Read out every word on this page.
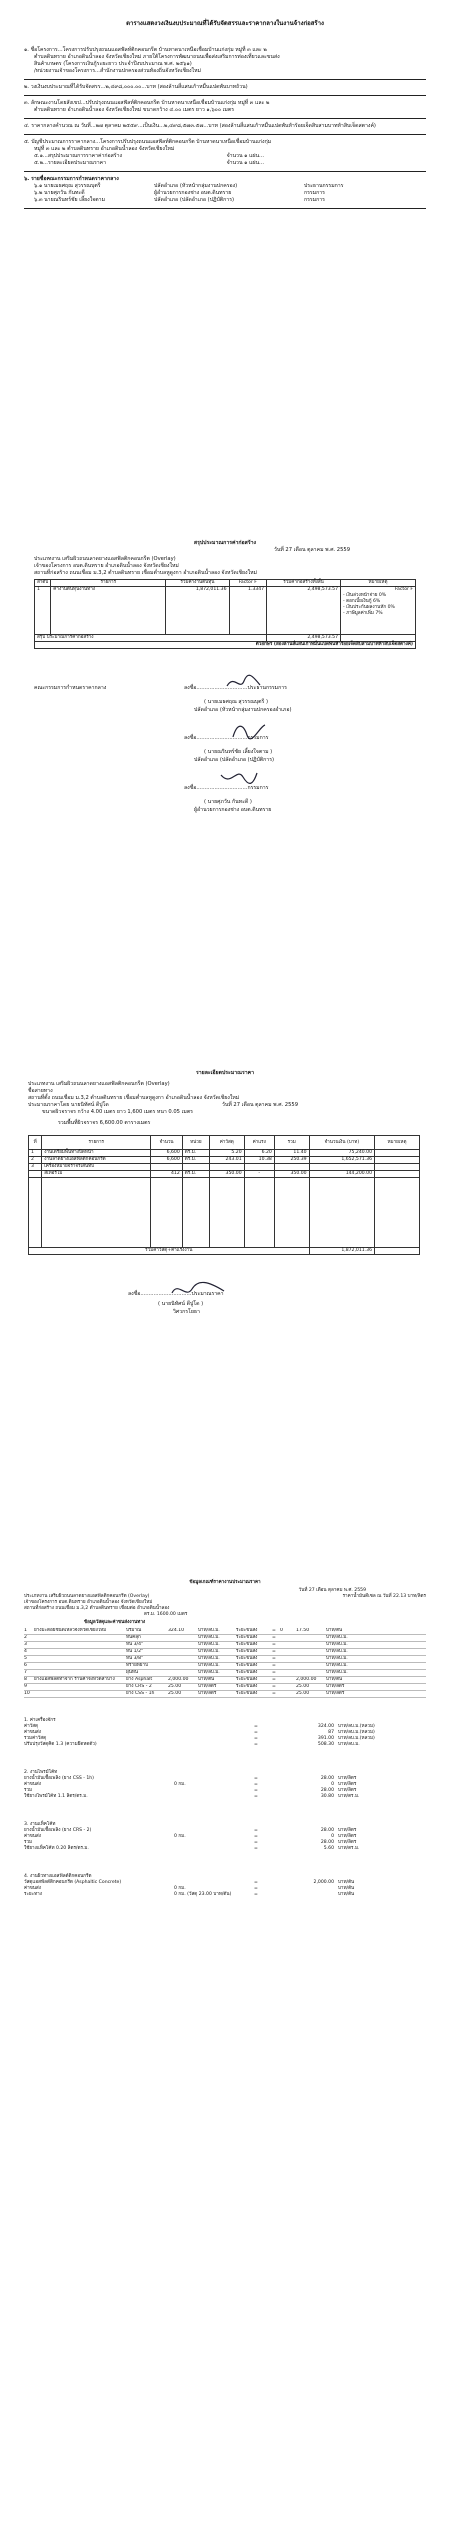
ตารางแสดงวงเงินงบประมาณที่ได้รับจัดสรรและราคากลางในงานจ้างก่อสร้าง
๑. ชื่อโครงการ...โครงการปรับปรุงถนนแอสฟัลท์ติกคอนกรีต บ้านหาดนาเหนือเชื่อมบ้านแก่งกุ่ม หมู่ที่ ๓ และ ๒
ตำบลดินทราย อำเภอดินน้ำลอง จังหวัดเชียงใหม่ ภายใต้โครงการพัฒนาถนนเพื่อส่งเสริมการท่องเที่ยวและขนส่ง
สินค้าเกษตร (โครงการเงินกู้ระยะยาว ประจำปีงบประมาณ พ.ศ. ๒๕๖๑)
/หน่วยงานเจ้าของโครงการ...สำนักงานปกครองส่วนท้องถิ่นจังหวัดเชียงใหม่
๒. วงเงินงบประมาณที่ได้รับจัดสรร...๒,๔๙๘,๐๐๐.๐๐...บาท (สองล้านสี่แสนเก้าหมื่นแปดพันบาทถ้วน)
๓. ลักษณะงานโดยสังเขป...ปรับปรุงถนนแอสฟัลท์ติกคอนกรีต บ้านหาดนาเหนือเชื่อมบ้านแก่งกุ่ม หมู่ที่ ๓ และ ๒
ตำบลดินทราย อำเภอดินน้ำลอง จังหวัดเชียงใหม่ ขนาดกว้าง ๔.๐๐ เมตร ยาว ๑,๖๐๐ เมตร
๔. ราคากลางคำนวณ ณ วันที่...๒๗ ตุลาคม ๒๕๕๙...เป็นเงิน...๒,๔๙๘,๕๗๓.๕๗...บาท (สองล้านสี่แสนเก้าหมื่นแปดพันห้าร้อยเจ็ดสิบสามบาทห้าสิบเจ็ดสตางค์)
๕. บัญชีประมาณการราคากลาง...โครงการปรับปรุงถนนแอสฟัลท์ติกคอนกรีต บ้านหาดนาเหนือเชื่อมบ้านแก่งกุ่ม
หมู่ที่ ๓ และ ๒ ตำบลดินทราย อำเภอดินน้ำลอง จังหวัดเชียงใหม่
๕.๑...สรุปประมาณการราคาค่าก่อสร้าง	จำนวน ๑ แผ่น...
๕.๒...รายละเอียดประมาณราคา	จำนวน ๑ แผ่น...
๖. รายชื่อคณะกรรมการกำหนดราคากลาง
๖.๑ นายเมธศฤณ สุวรรณบุตรี	ปลัดอำเภอ (หัวหน้ากลุ่มงานปกครอง)	ประธานกรรมการ
๖.๒ นายศุภวัน กันทะดี	ผู้อำนวยการกองช่าง อบต.ดินทราย	กรรมการ
๖.๓ นายณรินทร์ชัย เลี้ยงใจตาม	ปลัดอำเภอ (ปลัดอำเภอ (ปฏิบัติการ)	กรรมการ
สรุปประมาณการค่าก่อสร้าง
วันที่ 27 เดือน ตุลาคม พ.ศ. 2559
ประเภทงาน เสริมผิวถนนลาดยางแอสฟัลติกคอนกรีต (Overlay)
เจ้าของโครงการ อบต.ดินทราย อำเภอดินน้ำลอง จังหวัดเชียงใหม่
สถานที่ก่อสร้าง ถนนเชื่อม ม.3,2 ตำบลดินทราย เชื่อมต่ำบลหูดูงกา อำเภอดินน้ำลอง จังหวัดเชียงใหม่
ลำดับ	รายการ	รวมค่างานต้นทุน	Factor F	รวมค่าก่อสร้างทั้งสิ้น	หมายเหตุ
1	ค่างานต้นทุนงานทาง	1,872,011.36	1.3347	2,498,573.57	Factor F
- เงินล่วงหน้าจ่าย 0%
- ดอกเบี้ยเงินกู้ 6%
- เงินประกันผลงานหัก 0%
- ภาษีมูลค่าเพิ่ม 7%

สรุป ประมาณการค่าก่อสร้าง				2,498,573.57	
ตัวอักษร (สองล้านสี่แสนเก้าหมื่นแปดพันห้าร้อยเจ็ดสิบสามบาทห้าสิบเจ็ดสตางค์)					
คณะกรรมการกำหนดราคากลาง	ลงชื่อ...............................ประธานกรรมการ
( นายเมธศฤณ สุวรรณบุตรี )
ปลัดอำเภอ (หัวหน้ากลุ่มงานปกครองอำเภอ)
ลงชื่อ...............................กรรมการ
( นายณรินทร์ชัย เลี้ยงใจตาม )
ปลัดอำเภอ (ปลัดอำเภอ (ปฏิบัติการ)
ลงชื่อ...............................กรรมการ
( นายศุภวัน กันทะดี )
ผู้อำนวยการกองช่าง อบต.ดินทราย
รายละเอียดประมาณราคา
ประเภทงาน เสริมผิวถนนลาดยางแอสฟัลติกคอนกรีต (Overlay)
ชื่อสายทาง
สถานที่ตั้ง ถนนเชื่อม ม.3,2 ตำบลดินทราย เชื่อมต่ำบลหูดูงกา อำเภอดินน้ำลอง จังหวัดเชียงใหม่
ประมาณราคาโดย นายนิทัศน์ ดีปูโด	วันที่ 27 เดือน ตุลาคม พ.ศ. 2559
ขนาดผิวจราจร กว้าง 4.00 เมตร ยาว 1,600 เมตร หนา 0.05 เมตร
รวมพื้นที่ผิวจราจร 6,600.00 ตารางเมตร
ที่	รายการ	จำนวน	หน่วย	ค่าวัสดุ	ค่าแรง	รวม	จำนวนเงิน (บาท)	หมายเหตุ
1	งานเตรียมพื้นทางปิดหน้า	6,600	ตร.ม.	5.20	6.20	11.40	75,240.00	
2	งานลาดยางแอสฟัลติกคอนกรีต	6,600	ตร.ม.	243.01	10.38	250.39	1,652,571.36	
3	เครื่องหมายจราจรเส้นทึบ							
	สีเทอร์โม	412	ตร.ม.	350.00	-	350.00	144,200.00	

รวมค่าวัสดุ+ค่าแรงงาน							1,872,011.36	
ลงชื่อ...............................ประมาณราคา
( นายนิทัศน์ ดีปูโด )
วิศวกรโยธา
ข้อมูลเกณฑ์ราคางานประมาณราคา
วันที่ 27 เดือน ตุลาคม พ.ศ. 2559
ประเภทงาน เสริมผิวถนนลาดยางแอสฟัลติกคอนกรีต (Overlay)	ราคาน้ำมันดีเซล ณ วันที่ 22.13 บาท/ลิตร
เจ้าของโครงการ อบต.ดินทราย อำเภอดินน้ำลอง จังหวัดเชียงใหม่
สถานที่ก่อสร้าง ถนนเชื่อม ม.3,2 ตำบลดินทราย เชื่อมต่อ อำเภอดินน้ำลอง
ตร.ม. 1600.00 เมตร
ข้อมูลวัสดุและค่าขนส่งงานทาง
1	ยางมะตอยชนิดเหลวจังหวัดเชียงใหม่	ปริมาณ	324.10	บาท/ลบ.ม.	ระยะขนส่ง	= 0	17.50	บาท/ตัน
2	หินคลุก	บาท/ลบ.ม.	ระยะขนส่ง	=	บาท/ลบ.ม.
3	หิน 3/4"	บาท/ลบ.ม.	ระยะขนส่ง	=	บาท/ลบ.ม.
4	หิน 1/2"	บาท/ลบ.ม.	ระยะขนส่ง	=	บาท/ลบ.ม.
5	หิน 3/8"	บาท/ลบ.ม.	ระยะขนส่ง	=	บาท/ลบ.ม.
6	ทรายหยาบ	บาท/ลบ.ม.	ระยะขนส่ง	=	บาท/ลบ.ม.
7	ฝุ่นหิน	บาท/ลบ.ม.	ระยะขนส่ง	=	บาท/ลบ.ม.
8	ยางแอสฟัลต์ทำจาก ร้านค้าจังหวัดลำปาง	ยาง Asphalt	2,000.00	บาท/ตัน	ระยะขนส่ง	=	2,000.00	บาท/ตัน
9	ยาง CRS - 2	25.00	บาท/ลิตร	ระยะขนส่ง	=	25.00	บาท/ลิตร
10	ยาง CSS - 1h	25.00	บาท/ลิตร	ระยะขนส่ง	=	25.00	บาท/ลิตร
1. ค่าเครื่องจักร
ค่าวัสดุ	=	324.00 บาท/ลบ.ม.(หลวม)
ค่าขนส่ง	=	87 บาท/ลบ.ม.(หลวม)
รวมค่าวัสดุ	=	391.00 บาท/ลบ.ม.(หลวม)
ปรับปรุงวัสดุคิด 1.3 (ความยึดหดตัว)	=	508.30 บาท/ลบ.ม.
2. งานไพรม์โค้ท
ยางน้ำมันเชื้อเพลิง (ยาง CSS - 1h)	=	28.00 บาท/ลิตร
ค่าขนส่ง	0 กม.	=	0 บาท/ลิตร
รวม	=	28.00 บาท/ลิตร
ใช้ยางไพรม์โค้ท 1.1 ลิตร/ตร.ม.	=	30.80 บาท/ตร.ม.
3. งานแท็คโค้ท
ยางน้ำมันเชื้อเพลิง (ยาง CRS - 2)	=	28.00 บาท/ลิตร
ค่าขนส่ง	0 กม.	=	0 บาท/ลิตร
รวม	=	28.00 บาท/ลิตร
ใช้ยางแท็คโค้ท 0.20 ลิตร/ตร.ม.	=	5.60 บาท/ตร.ม.
4. งานผิวทางแอสฟัลต์ติกคอนกรีต
วัสดุแอสฟัลต์ติกคอนกรีต (Asphaltic Concrete)	=	2,000.00 บาท/ตัน
ค่าขนส่ง	0 กม.	=	บาท/ตัน
ระยะทาง	0 กม. (วัสดุ 23.00 บาท/ตัน)	=	บาท/ตัน
